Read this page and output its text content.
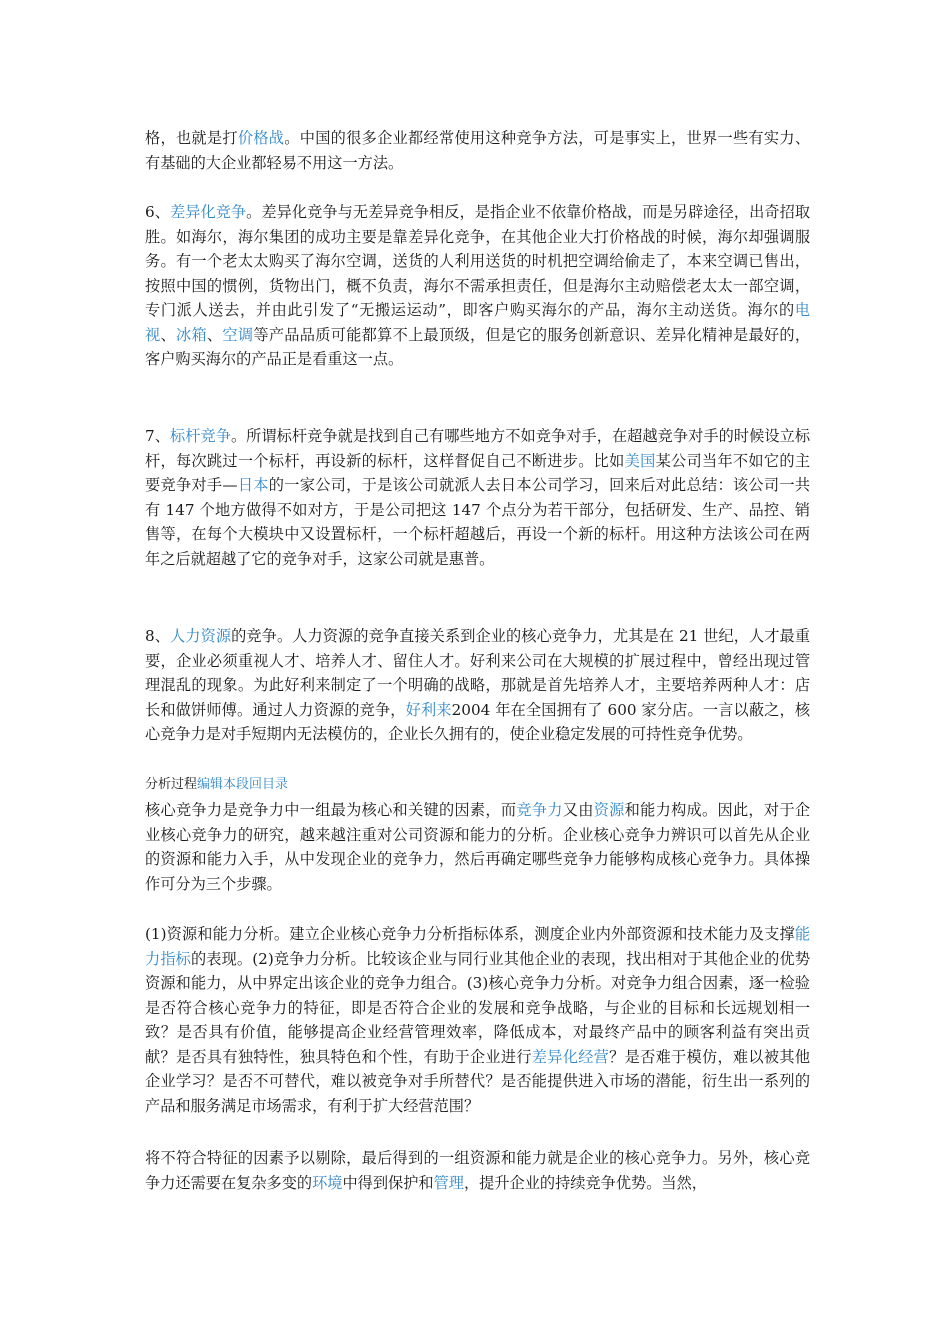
格，也就是打价格战。中国的很多企业都经常使用这种竞争方法，可是事实上，世界一些有实力、有基础的大企业都轻易不用这一方法。

6、差异化竞争。差异化竞争与无差异竞争相反，是指企业不依靠价格战，而是另辟途径，出奇招取胜。如海尔，海尔集团的成功主要是靠差异化竞争，在其他企业大打价格战的时候，海尔却强调服务。有一个老太太购买了海尔空调，送货的人利用送货的时机把空调给偷走了，本来空调已售出，按照中国的惯例，货物出门，概不负责，海尔不需承担责任，但是海尔主动赔偿老太太一部空调，专门派人送去，并由此引发了“无搬运运动”，即客户购买海尔的产品，海尔主动送货。海尔的电视、冰箱、空调等产品品质可能都算不上最顶级，但是它的服务创新意识、差异化精神是最好的，客户购买海尔的产品正是看重这一点。

7、标杆竞争。所谓标杆竞争就是找到自己有哪些地方不如竞争对手，在超越竞争对手的时候设立标杆，每次跳过一个标杆，再设新的标杆，这样督促自己不断进步。比如美国某公司当年不如它的主要竞争对手—日本的一家公司，于是该公司就派人去日本公司学习，回来后对此总结：该公司一共有 147 个地方做得不如对方，于是公司把这 147 个点分为若干部分，包括研发、生产、品控、销售等，在每个大模块中又设置标杆，一个标杆超越后，再设一个新的标杆。用这种方法该公司在两年之后就超越了它的竞争对手，这家公司就是惠普。

8、人力资源的竞争。人力资源的竞争直接关系到企业的核心竞争力，尤其是在 21 世纪，人才最重要，企业必须重视人才、培养人才、留住人才。好利来公司在大规模的扩展过程中，曾经出现过管理混乱的现象。为此好利来制定了一个明确的战略，那就是首先培养人才，主要培养两种人才：店长和做饼师傅。通过人力资源的竞争，好利来2004 年在全国拥有了 600 家分店。一言以蔽之，核心竞争力是对手短期内无法模仿的，企业长久拥有的，使企业稳定发展的可持性竞争优势。

分析过程编辑本段回目录

核心竞争力是竞争力中一组最为核心和关键的因素，而竞争力又由资源和能力构成。因此，对于企业核心竞争力的研究，越来越注重对公司资源和能力的分析。企业核心竞争力辨识可以首先从企业的资源和能力入手，从中发现企业的竞争力，然后再确定哪些竞争力能够构成核心竞争力。具体操作可分为三个步骤。

(1)资源和能力分析。建立企业核心竞争力分析指标体系，测度企业内外部资源和技术能力及支撑能力指标的表现。(2)竞争力分析。比较该企业与同行业其他企业的表现，找出相对于其他企业的优势资源和能力，从中界定出该企业的竞争力组合。(3)核心竞争力分析。对竞争力组合因素，逐一检验是否符合核心竞争力的特征，即是否符合企业的发展和竞争战略，与企业的目标和长远规划相一致？是否具有价值，能够提高企业经营管理效率，降低成本，对最终产品中的顾客利益有突出贡献？是否具有独特性，独具特色和个性，有助于企业进行差异化经营？是否难于模仿，难以被其他企业学习？是否不可替代，难以被竞争对手所替代？是否能提供进入市场的潜能，衍生出一系列的产品和服务满足市场需求，有利于扩大经营范围？

将不符合特征的因素予以剔除，最后得到的一组资源和能力就是企业的核心竞争力。另外，核心竞争力还需要在复杂多变的环境中得到保护和管理，提升企业的持续竞争优势。当然，
